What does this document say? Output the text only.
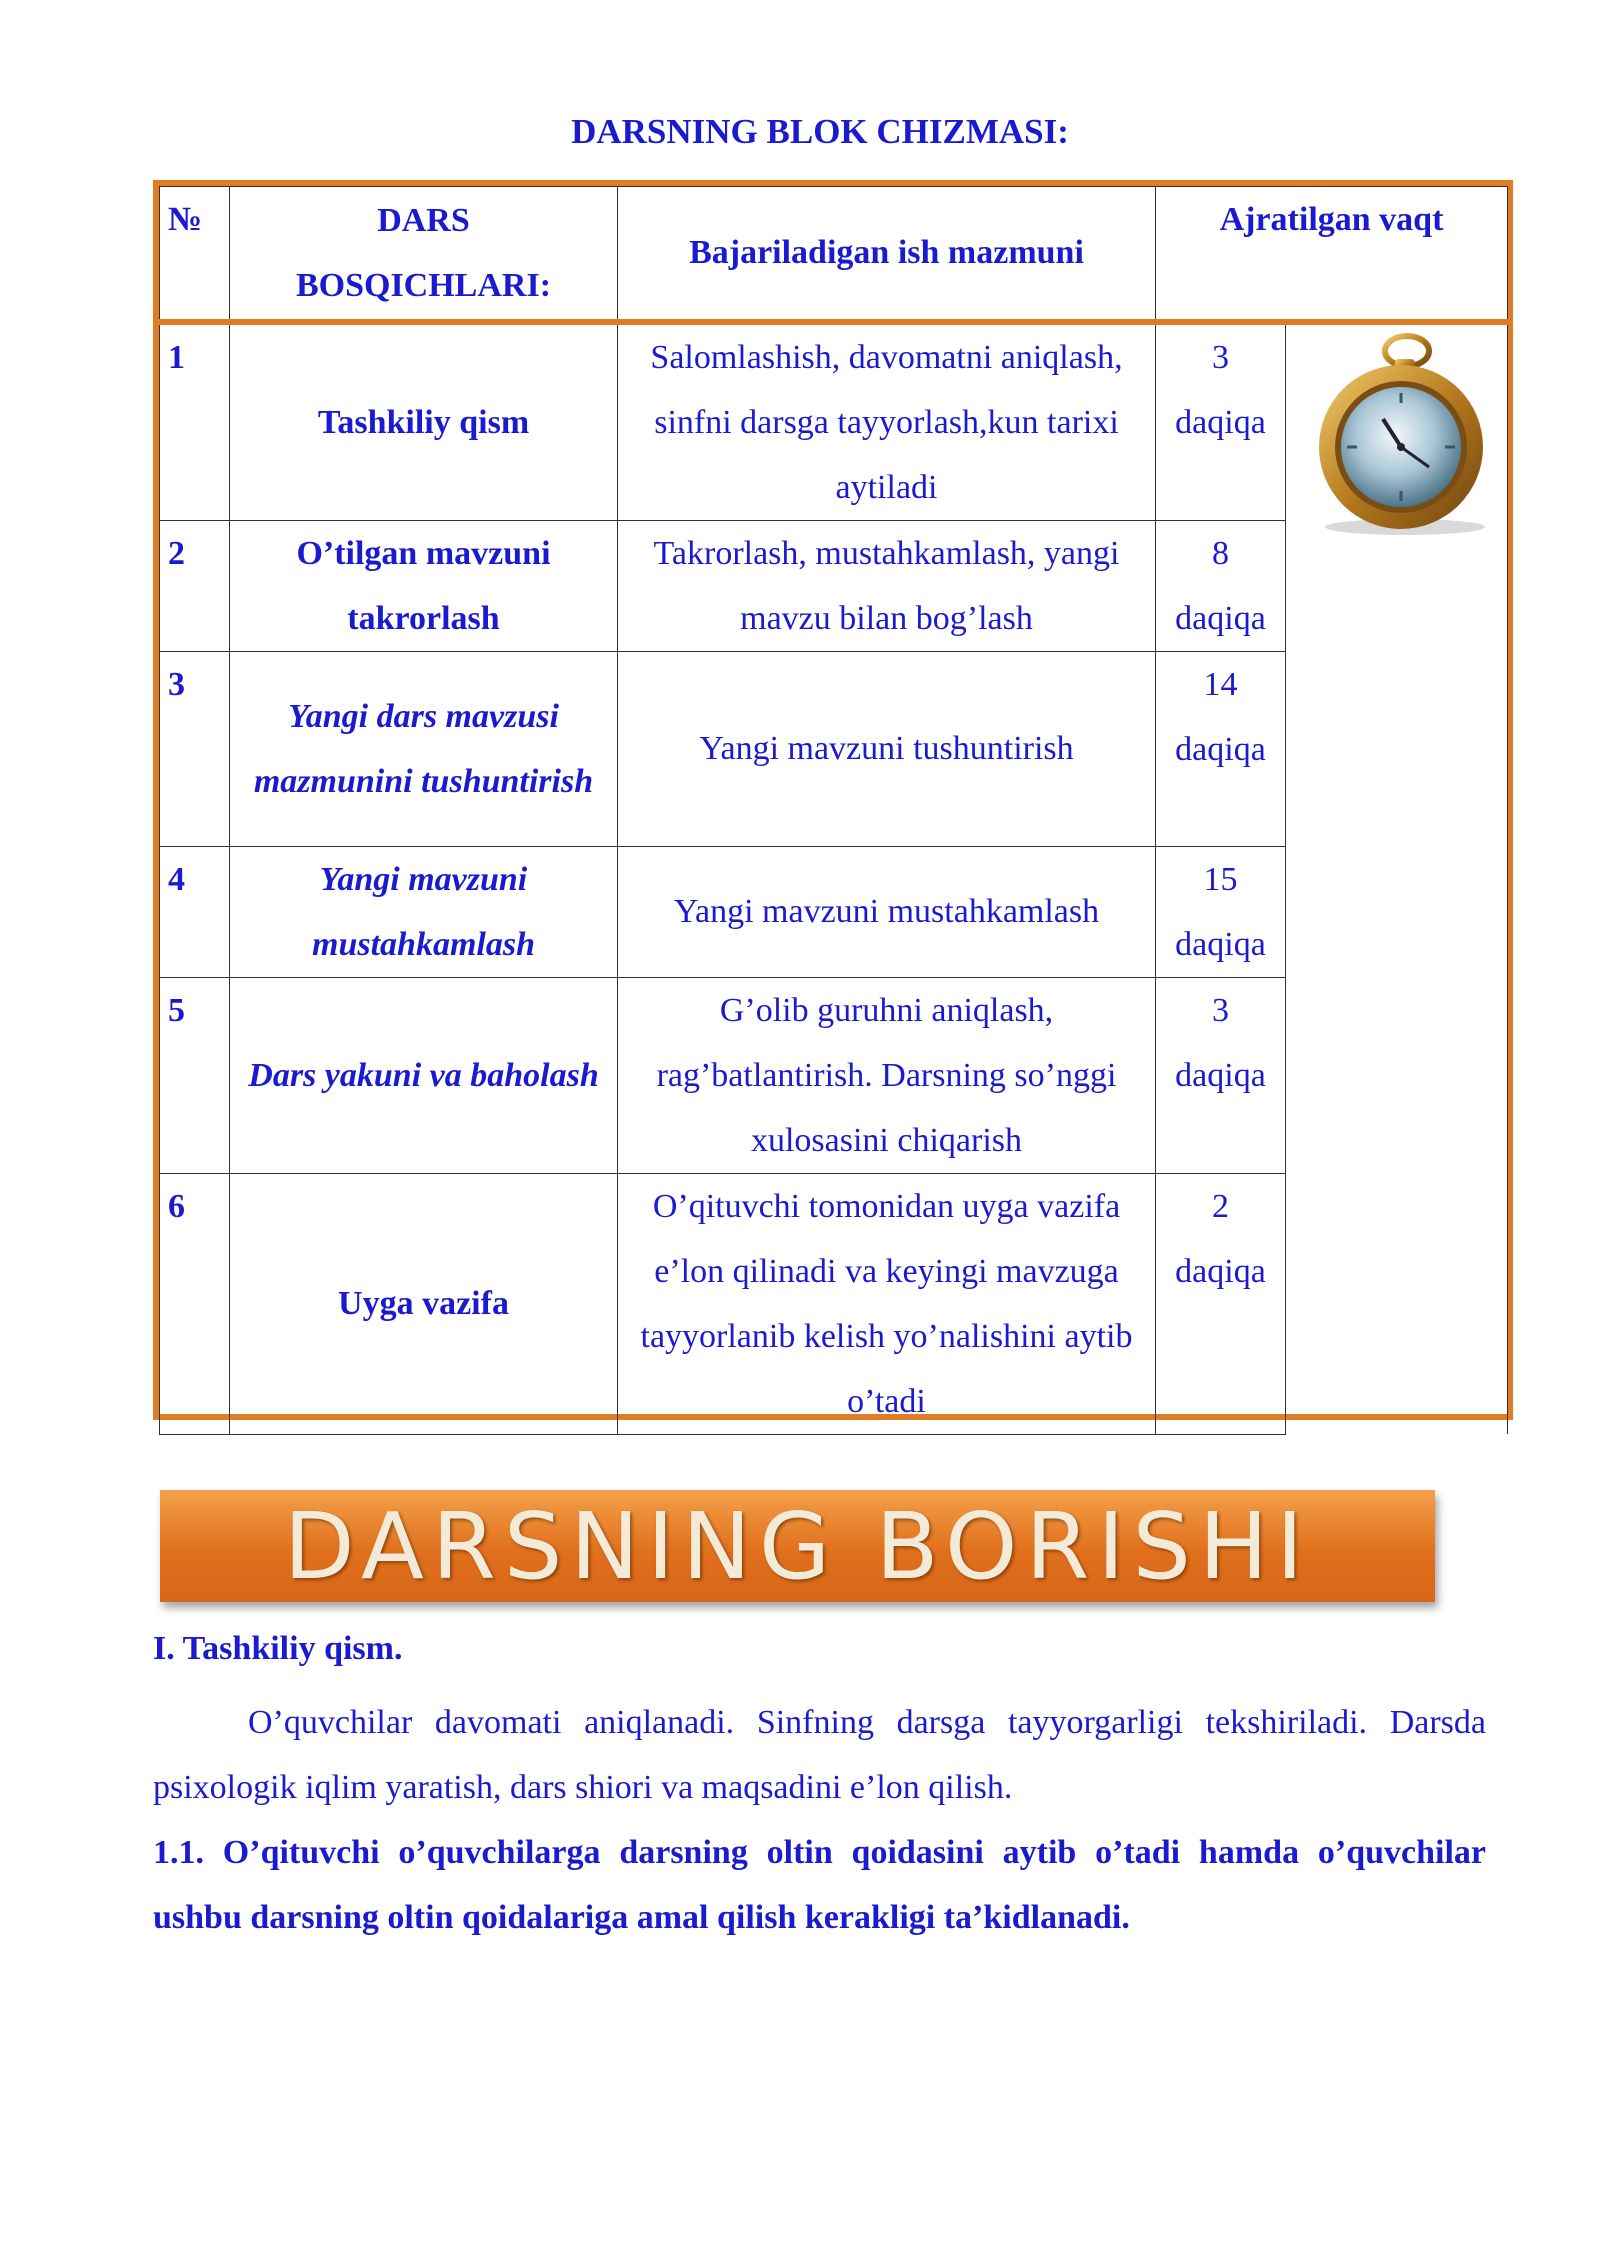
DARSNING BLOK CHIZMASI:
№	DARS
BOSQICHLARI:	Bajariladigan ish mazmuni	Ajratilgan vaqt	
1	Tashkiliy qism	Salomlashish, davomatni aniqlash, sinfni darsga tayyorlash,kun tarixi aytiladi	3
daqiqa	

2	O’tilgan mavzuni takrorlash	Takrorlash, mustahkamlash, yangi mavzu bilan bog’lash	8
daqiqa	
3	Yangi dars mavzusi mazmunini tushuntirish	Yangi mavzuni tushuntirish	14
daqiqa	
4	Yangi mavzuni mustahkamlash	Yangi mavzuni mustahkamlash	15
daqiqa	
5	Dars yakuni va baholash	G’olib guruhni aniqlash, rag’batlantirish. Darsning so’nggi xulosasini chiqarish	3
daqiqa	
6	Uyga vazifa	O’qituvchi tomonidan uyga vazifa e’lon qilinadi va keyingi mavzuga tayyorlanib kelish yo’nalishini aytib o’tadi	2
daqiqa	
DARSNING BORISHI
I. Tashkiliy qism.
O’quvchilar davomati aniqlanadi. Sinfning darsga tayyorgarligi tekshiriladi. Darsda psixologik iqlim yaratish, dars shiori va maqsadini e’lon qilish.
1.1. O’qituvchi o’quvchilarga darsning oltin qoidasini aytib o’tadi hamda o’quvchilar ushbu darsning oltin qoidalariga amal qilish kerakligi ta’kidlanadi.
